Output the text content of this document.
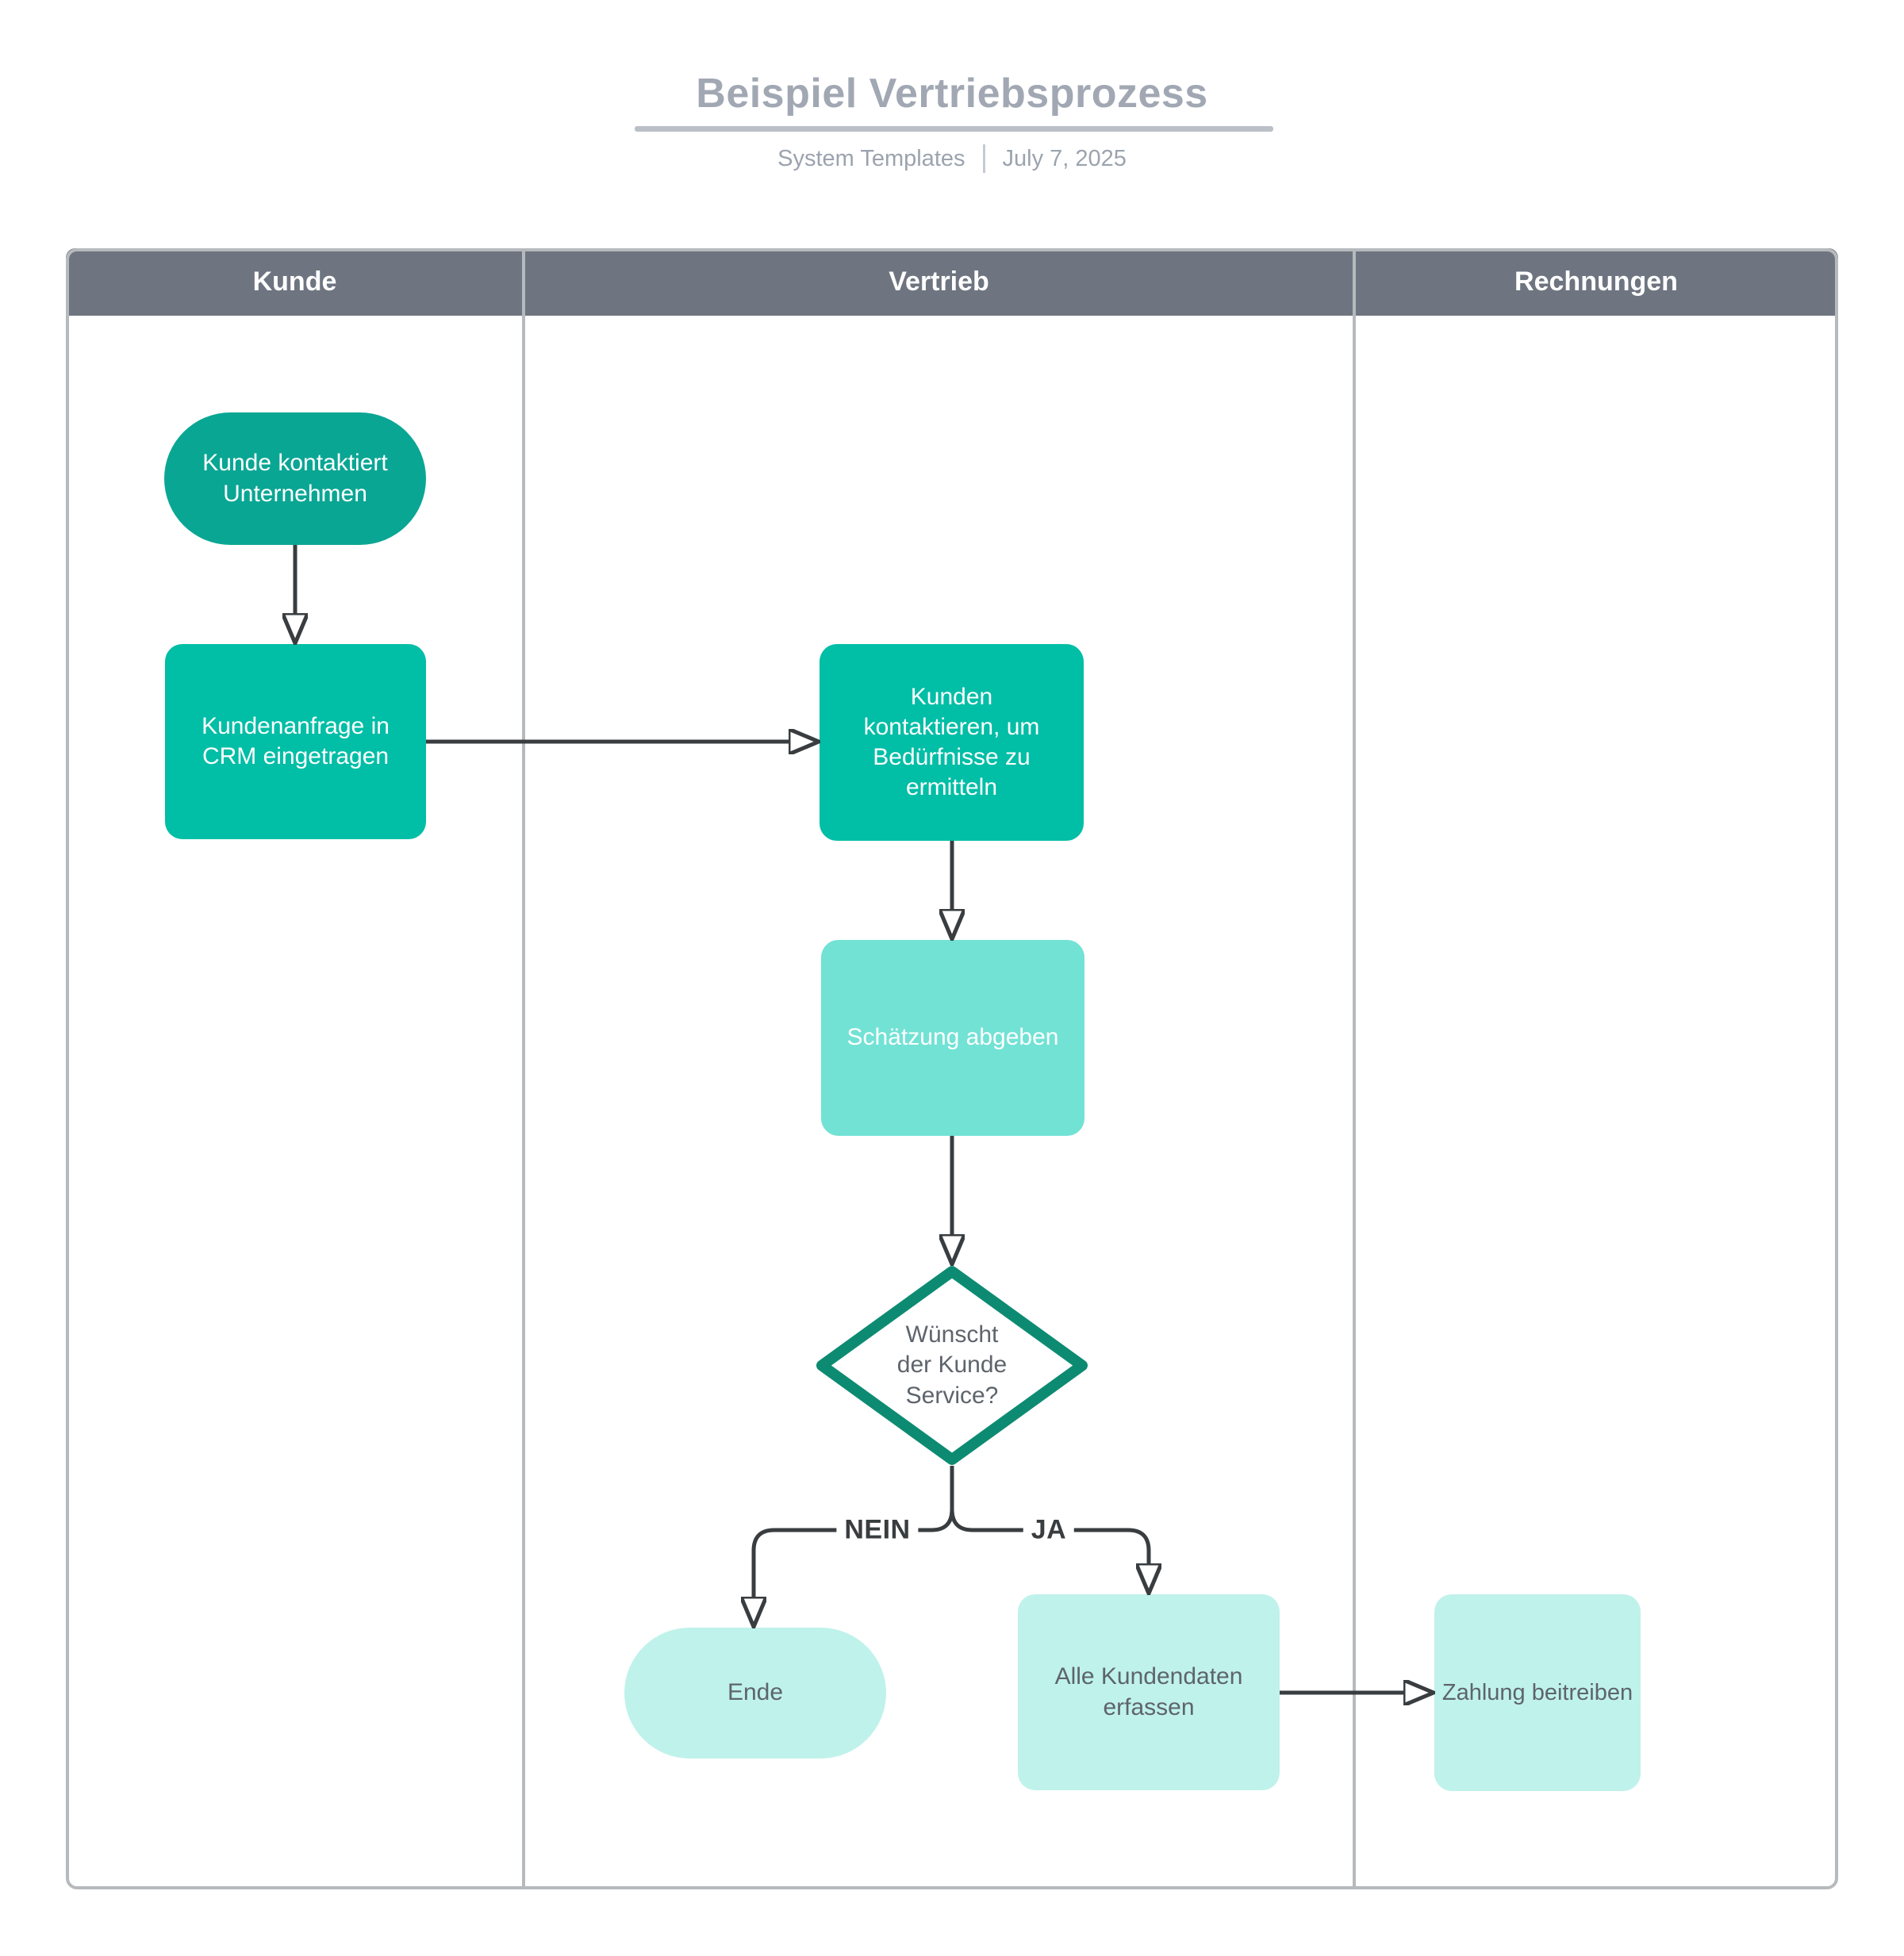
Beispiel Vertriebsprozess
System Templates July 7, 2025
Kunde	Vertrieb	Rechnungen
Kunde kontaktiert Unternehmen
Kundenanfrage in CRM eingetragen
Kunden kontaktieren, um Bedürfnisse zu ermitteln
Schätzung abgeben
Wünscht der Kunde Service?
Ende
Alle Kundendaten erfassen
Zahlung beitreiben
NEIN	JA
